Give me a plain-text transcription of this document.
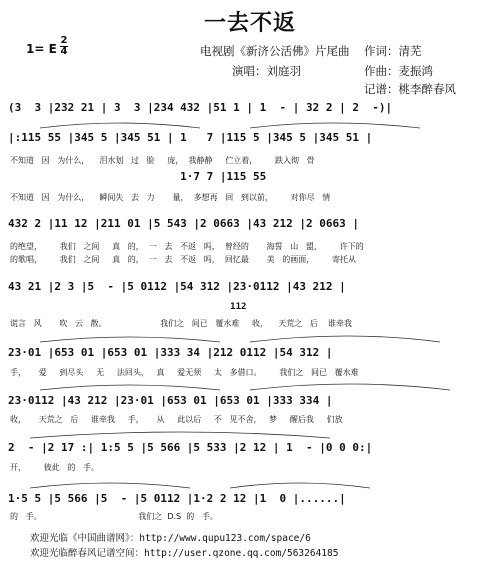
一去不返
1= E
2
4	电视剧《新济公活佛》片尾曲 作词：清芜
演唱：刘庭羽	作曲：麦振鸿
记谱：桃李醉春风
(3  3 |232 21 | 3  3 |234 432 |51 1 | 1  - | 32 2 | 2  -)|
|:115 55 |345 5 |345 51 | 1   7 |115 5 |345 5 |345 51 |
1·7 7 |115 55
432 2 |11 12 |211 01 |5 543 |2 0663 |43 212 |2 0663 |
43 21 |2 3 |5  - |5 0112 |54 312 |23·0112 |43 212 |
112
23·01 |653 01 |653 01 |333 34 |212 0112 |54 312 |
23·0112 |43 212 |23·01 |653 01 |653 01 |333 334 |
2  - |2 17 :| 1:5 5 |5 566 |5 533 |2 12 | 1  - |0 0 0:|
1·5 5 |5 566 |5  - |5 0112 |1·2 2 12 |1  0 |......|
不知道   因   为什么，    泪水划   过   脸     庞，  我静静     伫立着，       跌入彻   骨
不知道   因   为什么，    瞬间失   去   力       量，  多想再   回   到以前，       对你尽   情
的绝望，       我们   之间     真   的，  一   去   不返   吗，  曾经的       海誓   山   盟，       许下的
的歌唱，       我们   之间     真   的，  一   去   不返   吗，  回忆最       美   的画面，       寄托从
谎言   风       吹   云   散。                     我们之   间已   覆水难     收，    天荒之   后    谁牵我
手，     爱     到尽头     无     法回头，   真     爱无须     太   多借口。       我们之   间已   覆水难
收，     天荒之   后     谁牵我     手，     从     此以后     不   见不舍，   梦     醒后我     们放
开，       彼此   的   手。
的   手。                                      我们之  D.S  的   手。
欢迎光临《中国曲谱网》：http://www.qupu123.com/space/6
欢迎光临醉春风记谱空间：http://user.qzone.qq.com/563264185
